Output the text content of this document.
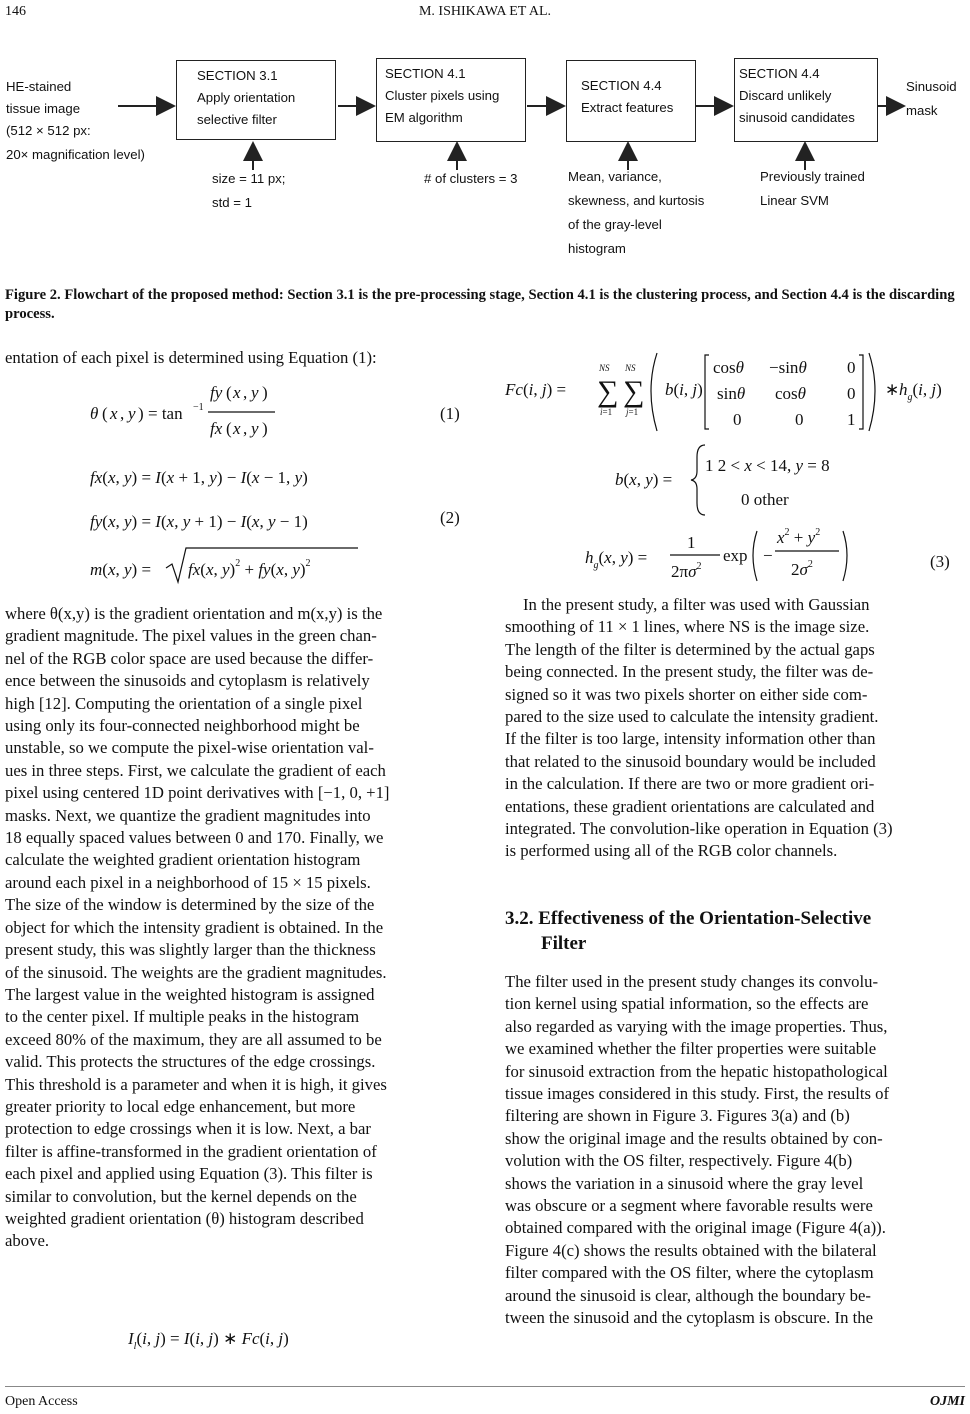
146	M. ISHIKAWA ET AL.
HE-stained
tissue image
(512 × 512 px:
20× magnification level)
SECTION 3.1
Apply orientation
selective filter
SECTION 4.1
Cluster pixels using
EM algorithm
SECTION 4.4
Extract features
SECTION 4.4
Discard unlikely
sinusoid candidates
Sinusoid
mask
size = 11 px;
std = 1
# of clusters = 3	Mean, variance,
skewness, and kurtosis
of the gray-level
histogram
Previously trained
Linear SVM
Figure 2. Flowchart of the proposed method: Section 3.1 is the pre-processing stage, Section 4.1 is the clustering process, and Section 4.4 is the discarding process.
entation of each pixel is determined using Equation (1):
θ ( x , y ) = tan −1
fy ( x , y )
fx ( x , y )
(1)
fx(x, y) = I(x + 1, y) − I(x − 1, y)
fy(x, y) = I(x, y + 1) − I(x, y − 1)
m(x, y) = fx(x, y)$^2$ + fy(x, y)$^2$
(2)
where θ(x,y) is the gradient orientation and m(x,y) is the
gradient magnitude. The pixel values in the green chan-
nel of the RGB color space are used because the differ-
ence between the sinusoids and cytoplasm is relatively
high [12]. Computing the orientation of a single pixel
using only its four-connected neighborhood might be
unstable, so we compute the pixel-wise orientation val-
ues in three steps. First, we calculate the gradient of each
pixel using centered 1D point derivatives with [−1, 0, +1]
masks. Next, we quantize the gradient magnitudes into
18 equally spaced values between 0 and 170. Finally, we
calculate the weighted gradient orientation histogram
around each pixel in a neighborhood of 15 × 15 pixels.
The size of the window is determined by the size of the
object for which the intensity gradient is obtained. In the
present study, this was slightly larger than the thickness
of the sinusoid. The weights are the gradient magnitudes.
The largest value in the weighted histogram is assigned
to the center pixel. If multiple peaks in the histogram
exceed 80% of the maximum, they are all assumed to be
valid. This protects the structures of the edge crossings.
This threshold is a parameter and when it is high, it gives
greater priority to local edge enhancement, but more
protection to edge crossings when it is low. Next, a bar
filter is affine-transformed in the gradient orientation of
each pixel and applied using Equation (3). This filter is
similar to convolution, but the kernel depends on the
weighted gradient orientation (θ) histogram described
above.
$I_l(i$, j) = I(i, j) ∗ Fc(i, j)
Fc(i, j) = ∑
NS
i=1
∑
NS
j=1
b(i, j)
cosθ −sinθ 0
sinθ cosθ 0
0	0	1
∗ $h_g(i$, j)
b(x, y) =
1 2 < x < 14, y = 8
0 other
$h_g(x$, y) =
1
$2\pi\sigma^2$
exp −
$x^2 + y^2$
$2\sigma^2$	(3)
In the present study, a filter was used with Gaussian
smoothing of 11 × 1 lines, where NS is the image size.
The length of the filter is determined by the actual gaps
being connected. In the present study, the filter was de-
signed so it was two pixels shorter on either side com-
pared to the size used to calculate the intensity gradient.
If the filter is too large, intensity information other than
that related to the sinusoid boundary would be included
in the calculation. If there are two or more gradient ori-
entations, these gradient orientations are calculated and
integrated. The convolution-like operation in Equation (3)
is performed using all of the RGB color channels.
3.2. Effectiveness of the Orientation-Selective
Filter
The filter used in the present study changes its convolu-
tion kernel using spatial information, so the effects are
also regarded as varying with the image properties. Thus,
we examined whether the filter properties were suitable
for sinusoid extraction from the hepatic histopathological
tissue images considered in this study. First, the results of
filtering are shown in Figure 3. Figures 3(a) and (b)
show the original image and the results obtained by con-
volution with the OS filter, respectively. Figure 4(b)
shows the variation in a sinusoid where the gray level
was obscure or a segment where favorable results were
obtained compared with the original image (Figure 4(a)).
Figure 4(c) shows the results obtained with the bilateral
filter compared with the OS filter, where the cytoplasm
around the sinusoid is clear, although the boundary be-
tween the sinusoid and the cytoplasm is obscure. In the
Open Access	OJMI
